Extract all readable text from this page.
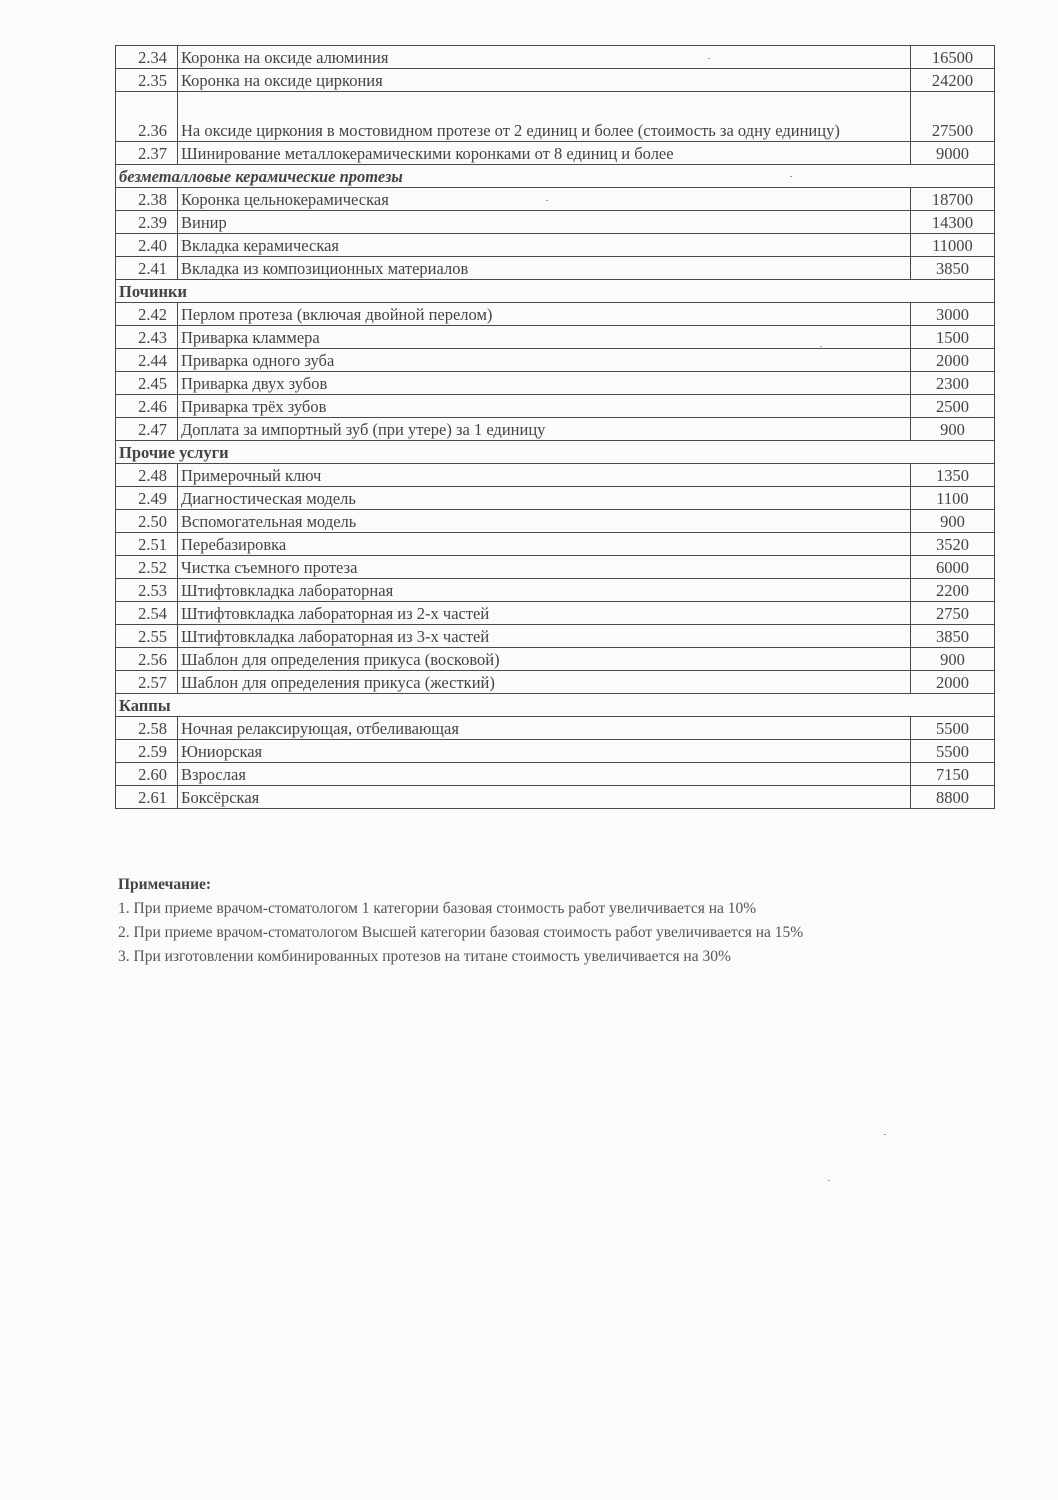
2.34	Коронка на оксиде алюминия	16500
2.35	Коронка на оксиде циркония	24200
2.36	На оксиде циркония в мостовидном протезе от 2 единиц и более (стоимость за одну единицу)	27500
2.37	Шинирование металлокерамическими коронками от 8 единиц и более	9000
безметалловые керамические протезы		
2.38	Коронка цельнокерамическая	18700
2.39	Винир	14300
2.40	Вкладка керамическая	11000
2.41	Вкладка из композиционных материалов	3850
Починки		
2.42	Перлом протеза (включая двойной перелом)	3000
2.43	Приварка кламмера	1500
2.44	Приварка одного зуба	2000
2.45	Приварка двух зубов	2300
2.46	Приварка трёх зубов	2500
2.47	Доплата за импортный зуб (при утере) за 1 единицу	900
Прочие услуги		
2.48	Примерочный ключ	1350
2.49	Диагностическая модель	1100
2.50	Вспомогательная модель	900
2.51	Перебазировка	3520
2.52	Чистка съемного протеза	6000
2.53	Штифтовкладка лабораторная	2200
2.54	Штифтовкладка лабораторная из 2-х частей	2750
2.55	Штифтовкладка лабораторная из 3-х частей	3850
2.56	Шаблон для определения прикуса (восковой)	900
2.57	Шаблон для определения прикуса (жесткий)	2000
Каппы		
2.58	Ночная релаксирующая, отбеливающая	5500
2.59	Юниорская	5500
2.60	Взрослая	7150
2.61	Боксёрская	8800
Примечание:
1. При приеме врачом-стоматологом 1 категории базовая стоимость работ увеличивается на 10%
2. При приеме врачом-стоматологом Высшей категории базовая стоимость работ увеличивается на 15%
3. При изготовлении комбинированных протезов на титане стоимость увеличивается на 30%
